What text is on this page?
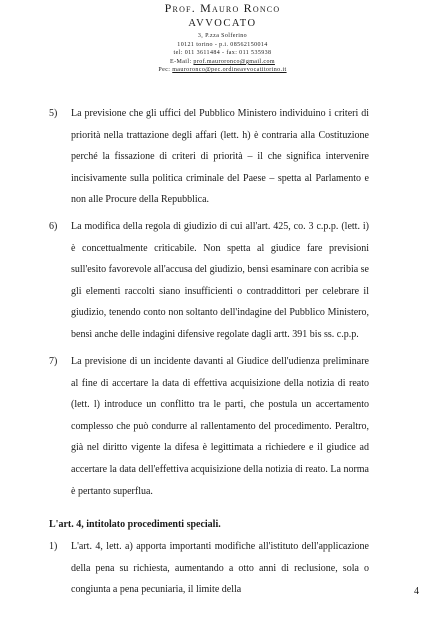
Prof. Mauro Ronco
AVVOCATO
3, P.zza Solferino
10121 torino - p.i. 08562150014
tel: 011 3611484 - fax: 011 535938
E-Mail: prof.mauroronco@gmail.com
Pec: mauroronco@pec.ordineavvocatitorino.it
5)	La previsione che gli uffici del Pubblico Ministero individuino i criteri di priorità nella trattazione degli affari (lett. h) è contraria alla Costituzione perché la fissazione di criteri di priorità – il che significa intervenire incisivamente sulla politica criminale del Paese – spetta al Parlamento e non alle Procure della Repubblica.
6)	La modifica della regola di giudizio di cui all'art. 425, co. 3 c.p.p. (lett. i) è concettualmente criticabile. Non spetta al giudice fare previsioni sull'esito favorevole all'accusa del giudizio, bensì esaminare con acribia se gli elementi raccolti siano insufficienti o contraddittori per celebrare il giudizio, tenendo conto non soltanto dell'indagine del Pubblico Ministero, bensì anche delle indagini difensive regolate dagli artt. 391 bis ss. c.p.p.
7)	La previsione di un incidente davanti al Giudice dell'udienza preliminare al fine di accertare la data di effettiva acquisizione della notizia di reato (lett. l) introduce un conflitto tra le parti, che postula un accertamento complesso che può condurre al rallentamento del procedimento. Peraltro, già nel diritto vigente la difesa è legittimata a richiedere e il giudice ad accertare la data dell'effettiva acquisizione della notizia di reato. La norma è pertanto superflua.
L'art. 4, intitolato procedimenti speciali.
1)	L'art. 4, lett. a) apporta importanti modifiche all'istituto dell'applicazione della pena su richiesta, aumentando a otto anni di reclusione, sola o congiunta a pena pecuniaria, il limite della	4
